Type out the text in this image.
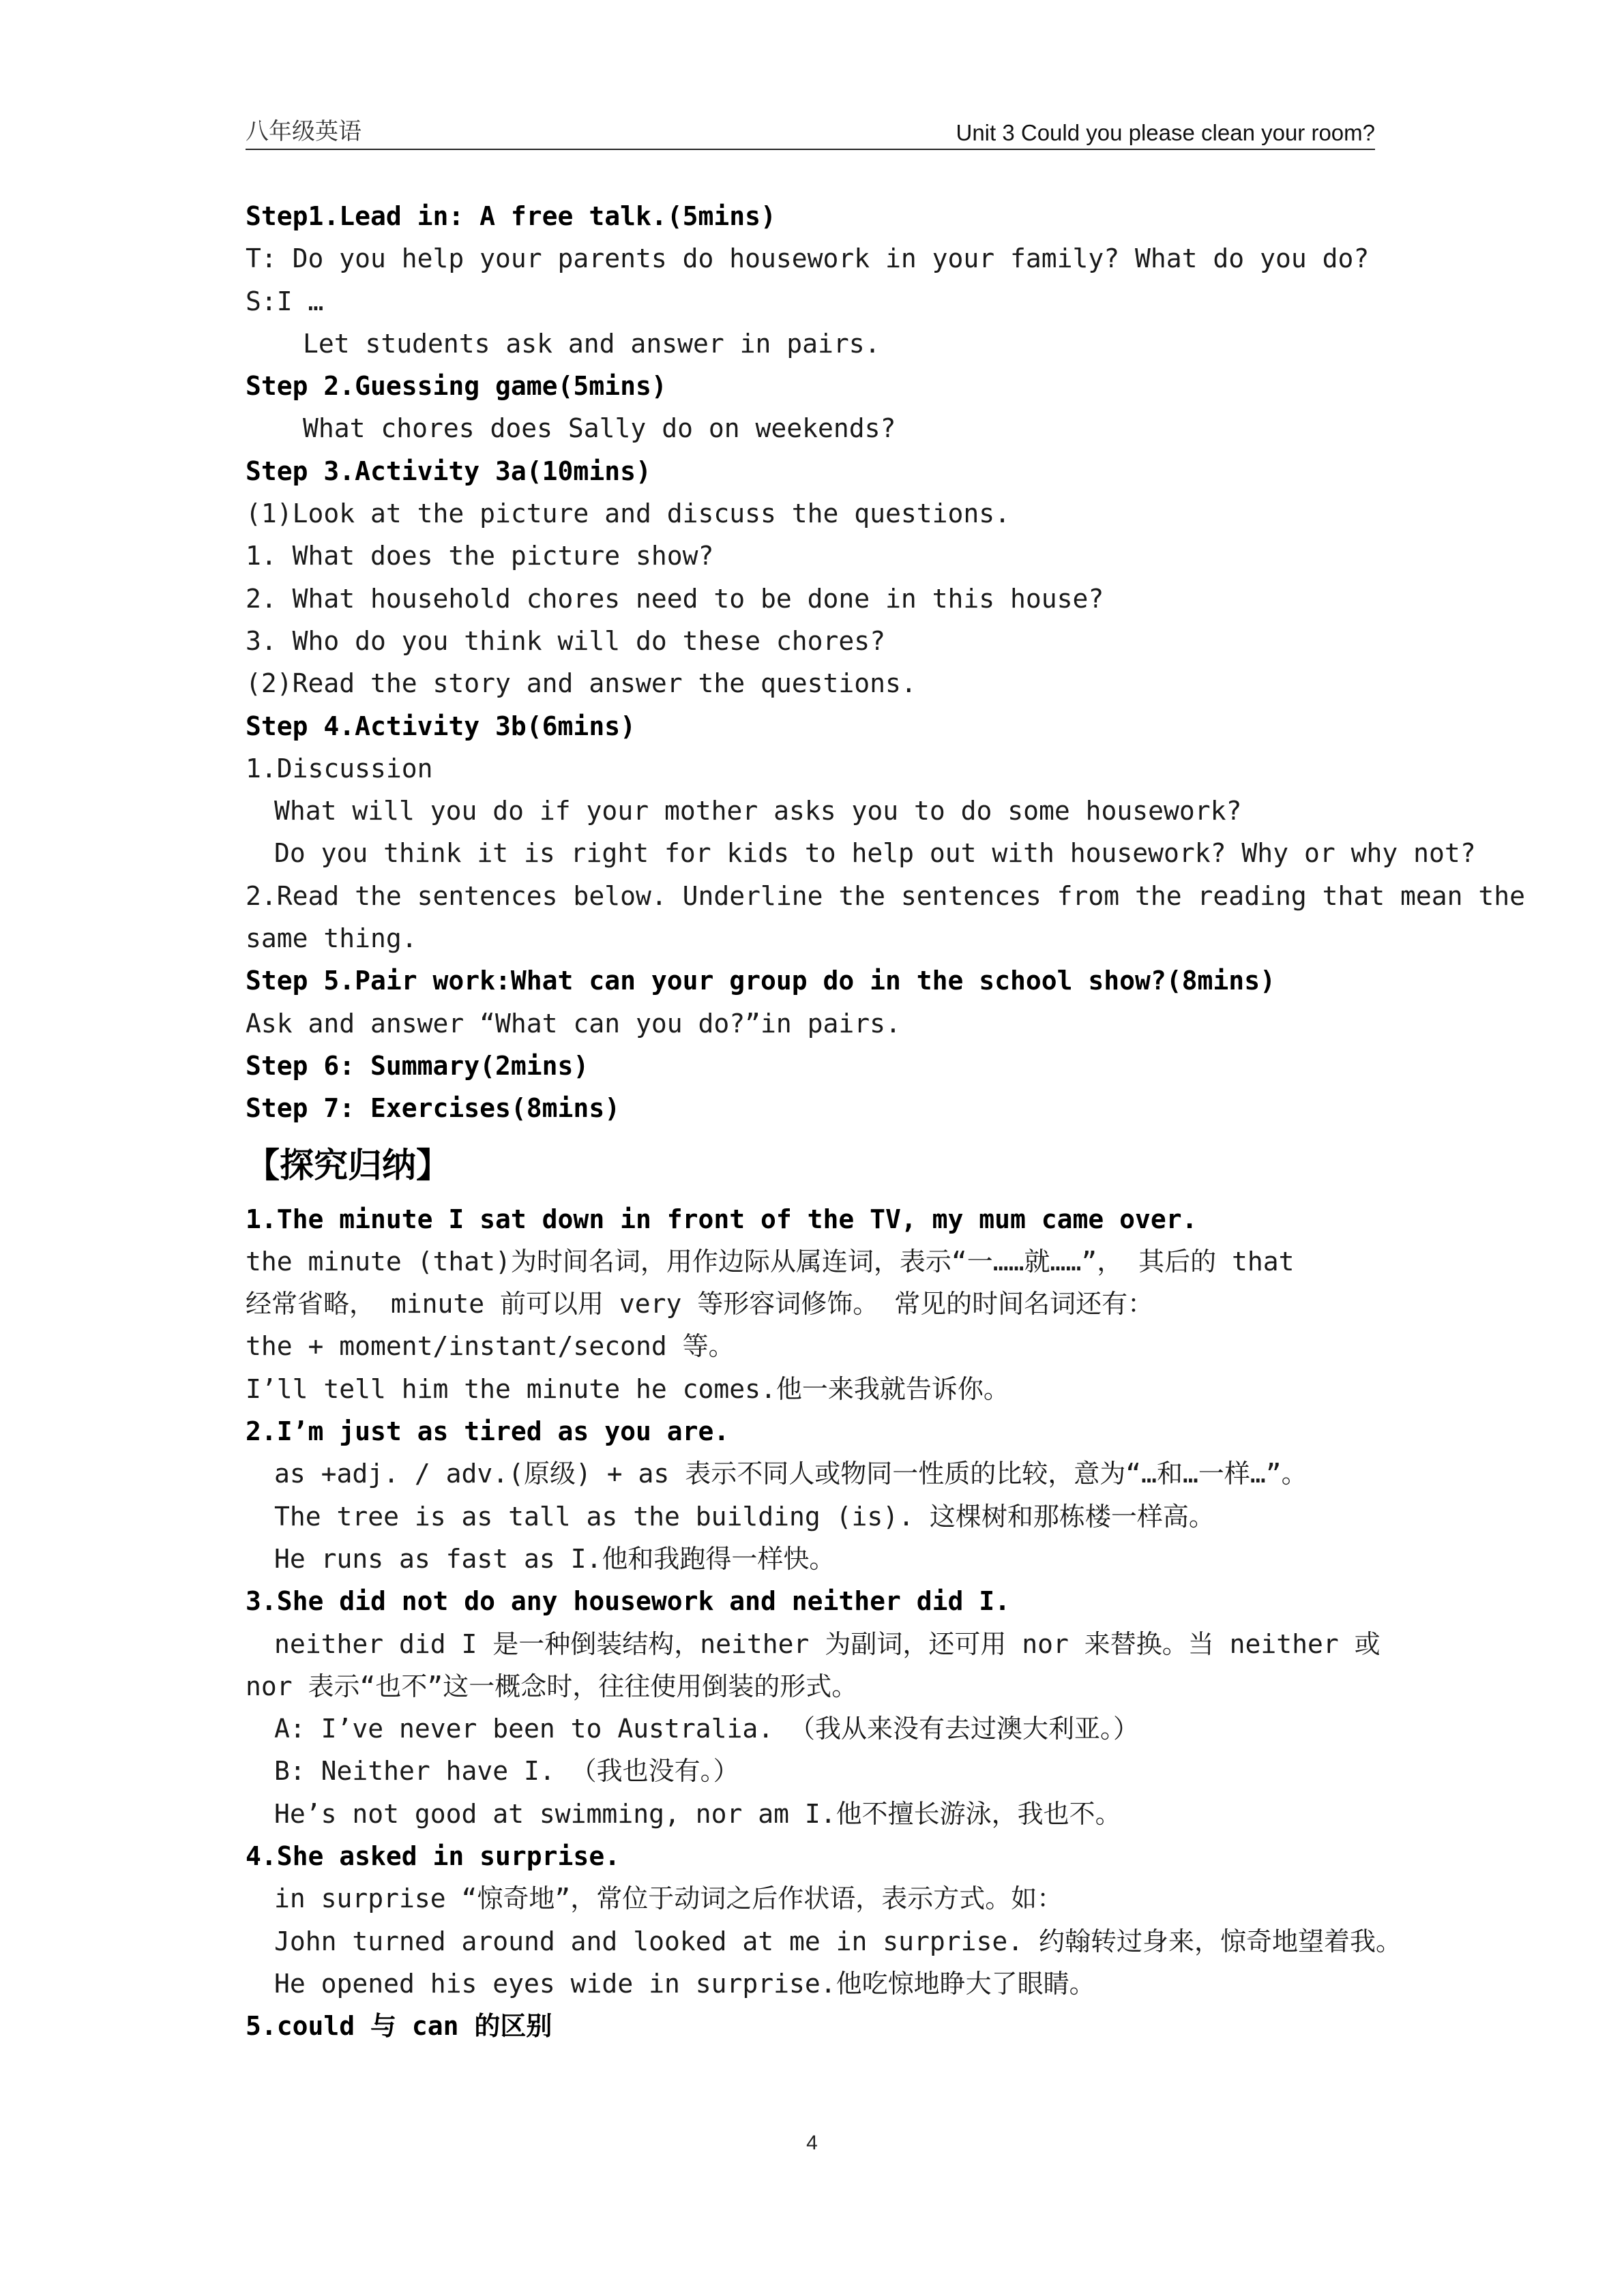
八年级英语	Unit 3 Could you please clean your room?
Step1.Lead in: A free talk.(5mins)
T: Do you help your parents do housework in your family? What do you do?
S:I …
Let students ask and answer in pairs.
Step 2.Guessing game(5mins)
What chores does Sally do on weekends?
Step 3.Activity 3a(10mins)
(1)Look at the picture and discuss the questions.
1. What does the picture show?
2. What household chores need to be done in this house?
3. Who do you think will do these chores?
(2)Read the story and answer the questions.
Step 4.Activity 3b(6mins)
1.Discussion
What will you do if your mother asks you to do some housework?
Do you think it is right for kids to help out with housework? Why or why not?
2.Read the sentences below. Underline the sentences from the reading that mean the
same thing.
Step 5.Pair work:What can your group do in the school show?(8mins)
Ask and answer “What can you do?”in pairs.
Step 6: Summary(2mins)
Step 7: Exercises(8mins)
【探究归纳】
1.The minute I sat down in front of the TV, my mum came over.
the minute (that)为时间名词，用作边际从属连词，表示“一……就……”， 其后的 that
经常省略， minute 前可以用 very 等形容词修饰。 常见的时间名词还有：
the + moment/instant/second 等。
I’ll tell him the minute he comes.他一来我就告诉你。
2.I’m just as tired as you are.
as +adj. / adv.(原级) + as 表示不同人或物同一性质的比较，意为“…和…一样…”。
The tree is as tall as the building (is). 这棵树和那栋楼一样高。
He runs as fast as I.他和我跑得一样快。
3.She did not do any housework and neither did I.
neither did I 是一种倒装结构，neither 为副词，还可用 nor 来替换。当 neither 或
nor 表示“也不”这一概念时，往往使用倒装的形式。
A: I’ve never been to Australia. （我从来没有去过澳大利亚。）
B: Neither have I. （我也没有。）
He’s not good at swimming, nor am I.他不擅长游泳，我也不。
4.She asked in surprise.
in surprise “惊奇地”，常位于动词之后作状语，表示方式。如：
John turned around and looked at me in surprise. 约翰转过身来，惊奇地望着我。
He opened his eyes wide in surprise.他吃惊地睁大了眼睛。
5.could 与 can 的区别
4
